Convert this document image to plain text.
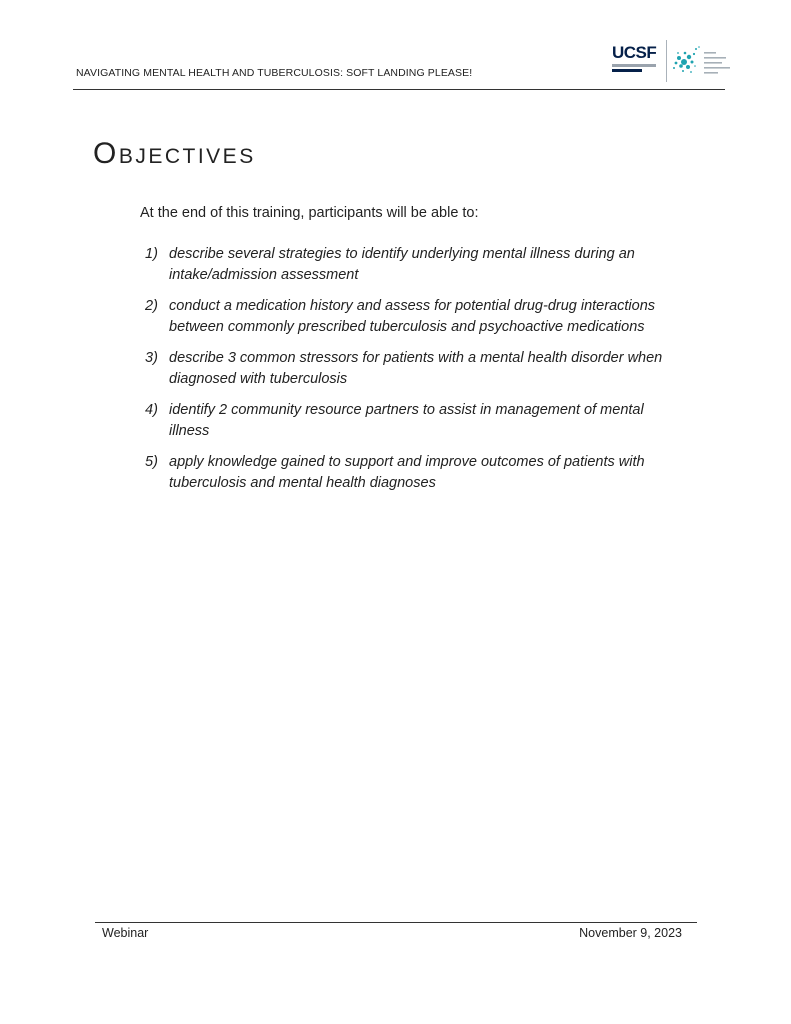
NAVIGATING MENTAL HEALTH AND TUBERCULOSIS: SOFT LANDING PLEASE!
UCSF
Objectives
At the end of this training, participants will be able to:
1) describe several strategies to identify underlying mental illness during an intake/admission assessment
2) conduct a medication history and assess for potential drug-drug interactions between commonly prescribed tuberculosis and psychoactive medications
3) describe 3 common stressors for patients with a mental health disorder when diagnosed with tuberculosis
4) identify 2 community resource partners to assist in management of mental illness
5) apply knowledge gained to support and improve outcomes of patients with tuberculosis and mental health diagnoses
Webinar	November 9, 2023
